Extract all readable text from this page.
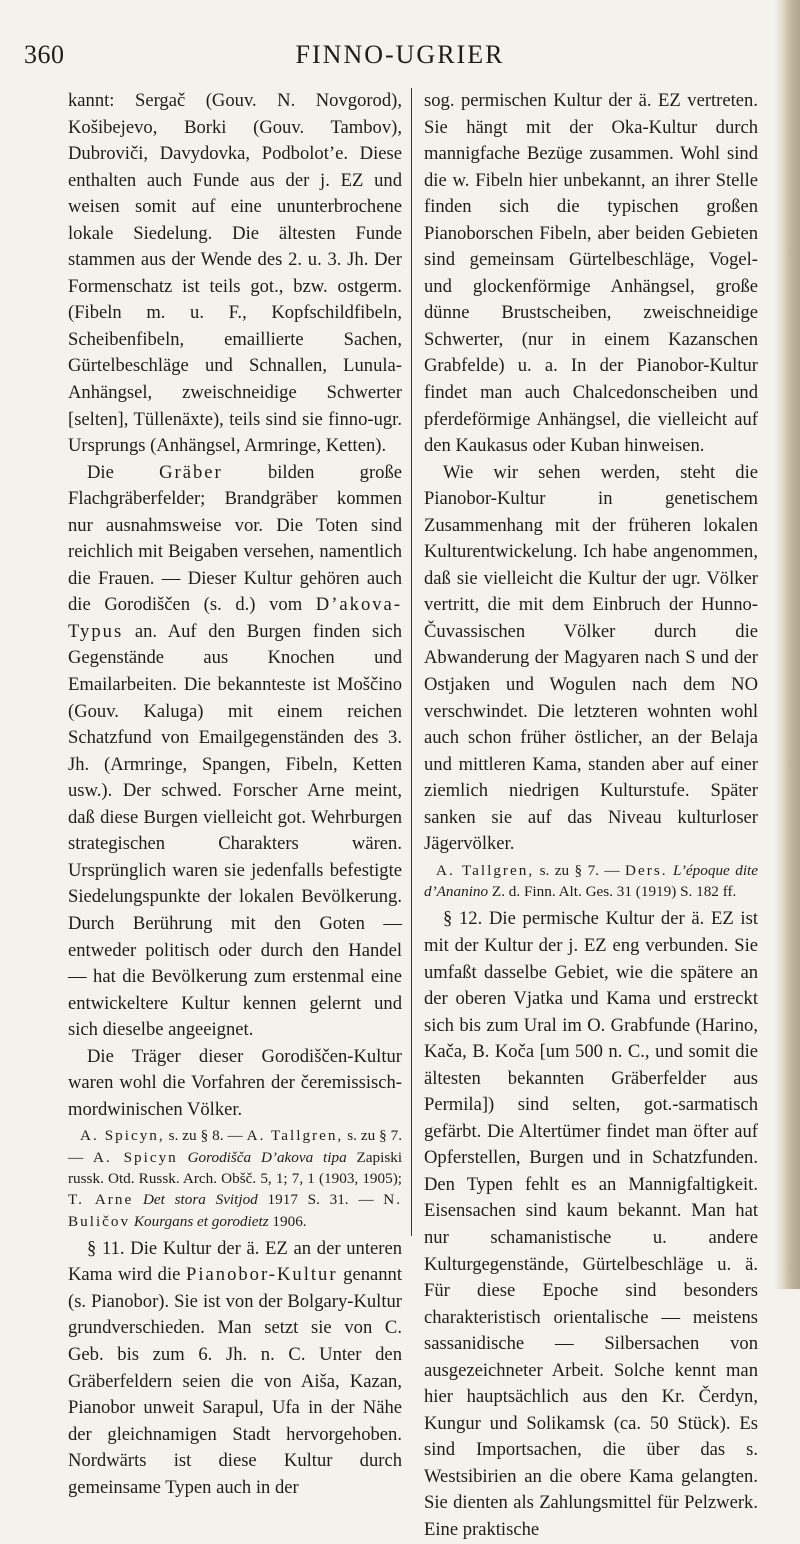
360	FINNO-UGRIER

kannt: Sergač (Gouv. N. Novgorod), Košibejevo, Borki (Gouv. Tambov), Dubroviči, Davydovka, Podbolot’e. Diese enthalten auch Funde aus der j. EZ und weisen somit auf eine ununterbrochene lokale Siedelung. Die ältesten Funde stammen aus der Wende des 2. u. 3. Jh. Der Formenschatz ist teils got., bzw. ostgerm. (Fibeln m. u. F., Kopfschildfibeln, Scheibenfibeln, emaillierte Sachen, Gürtelbeschläge und Schnallen, Lunula-Anhängsel, zweischneidige Schwerter [selten], Tüllenäxte), teils sind sie finno-ugr. Ursprungs (Anhängsel, Armringe, Ketten).

Die Gräber bilden große Flachgräberfelder; Brandgräber kommen nur ausnahmsweise vor. Die Toten sind reichlich mit Beigaben versehen, namentlich die Frauen. — Dieser Kultur gehören auch die Gorodiščen (s. d.) vom D’akova-Typus an. Auf den Burgen finden sich Gegenstände aus Knochen und Emailarbeiten. Die bekannteste ist Moščino (Gouv. Kaluga) mit einem reichen Schatzfund von Emailgegenständen des 3. Jh. (Armringe, Spangen, Fibeln, Ketten usw.). Der schwed. Forscher Arne meint, daß diese Burgen vielleicht got. Wehrburgen strategischen Charakters wären. Ursprünglich waren sie jedenfalls befestigte Siedelungspunkte der lokalen Bevölkerung. Durch Berührung mit den Goten — entweder politisch oder durch den Handel — hat die Bevölkerung zum erstenmal eine entwickeltere Kultur kennen gelernt und sich dieselbe angeeignet.

Die Träger dieser Gorodiščen-Kultur waren wohl die Vorfahren der čeremissisch-mordwinischen Völker.

A. Spicyn, s. zu § 8. — A. Tallgren, s. zu § 7. — A. Spicyn Gorodišča D’akova tipa Zapiski russk. Otd. Russk. Arch. Obšč. 5, 1; 7, 1 (1903, 1905); T. Arne Det stora Svitjod 1917 S. 31. — N. Buličov Kourgans et gorodietz 1906.

§ 11. Die Kultur der ä. EZ an der unteren Kama wird die Pianobor-Kultur genannt (s. Pianobor). Sie ist von der Bolgary-Kultur grundverschieden. Man setzt sie von C. Geb. bis zum 6. Jh. n. C. Unter den Gräberfeldern seien die von Aiša, Kazan, Pianobor unweit Sarapul, Ufa in der Nähe der gleichnamigen Stadt hervorgehoben. Nordwärts ist diese Kultur durch gemeinsame Typen auch in der

sog. permischen Kultur der ä. EZ vertreten. Sie hängt mit der Oka-Kultur durch mannigfache Bezüge zusammen. Wohl sind die w. Fibeln hier unbekannt, an ihrer Stelle finden sich die typischen großen Pianoborschen Fibeln, aber beiden Gebieten sind gemeinsam Gürtelbeschläge, Vogel- und glockenförmige Anhängsel, große dünne Brustscheiben, zweischneidige Schwerter, (nur in einem Kazanschen Grabfelde) u. a. In der Pianobor-Kultur findet man auch Chalcedonscheiben und pferdeförmige Anhängsel, die vielleicht auf den Kaukasus oder Kuban hinweisen.

Wie wir sehen werden, steht die Pianobor-Kultur in genetischem Zusammenhang mit der früheren lokalen Kulturentwickelung. Ich habe angenommen, daß sie vielleicht die Kultur der ugr. Völker vertritt, die mit dem Einbruch der Hunno-Čuvassischen Völker durch die Abwanderung der Magyaren nach S und der Ostjaken und Wogulen nach dem NO verschwindet. Die letzteren wohnten wohl auch schon früher östlicher, an der Belaja und mittleren Kama, standen aber auf einer ziemlich niedrigen Kulturstufe. Später sanken sie auf das Niveau kulturloser Jägervölker.

A. Tallgren, s. zu § 7. — Ders. L’époque dite d’Ananino Z. d. Finn. Alt. Ges. 31 (1919) S. 182 ff.

§ 12. Die permische Kultur der ä. EZ ist mit der Kultur der j. EZ eng verbunden. Sie umfaßt dasselbe Gebiet, wie die spätere an der oberen Vjatka und Kama und erstreckt sich bis zum Ural im O. Grabfunde (Harino, Kača, B. Koča [um 500 n. C., und somit die ältesten bekannten Gräberfelder aus Permila]) sind selten, got.-sarmatisch gefärbt. Die Altertümer findet man öfter auf Opferstellen, Burgen und in Schatzfunden. Den Typen fehlt es an Mannigfaltigkeit. Eisensachen sind kaum bekannt. Man hat nur schamanistische u. andere Kulturgegenstände, Gürtelbeschläge u. ä. Für diese Epoche sind besonders charakteristisch orientalische — meistens sassanidische — Silbersachen von ausgezeichneter Arbeit. Solche kennt man hier hauptsächlich aus den Kr. Čerdyn, Kungur und Solikamsk (ca. 50 Stück). Es sind Importsachen, die über das s. Westsibirien an die obere Kama gelangten. Sie dienten als Zahlungsmittel für Pelzwerk. Eine praktische
